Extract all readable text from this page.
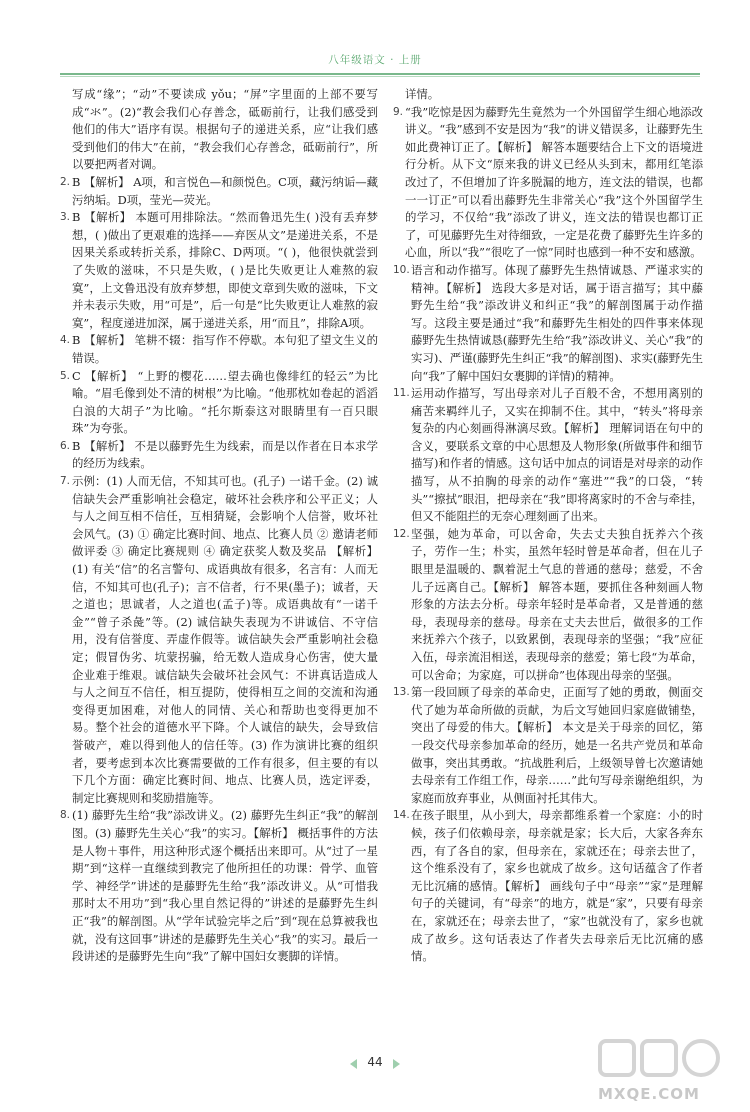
八年级语文 · 上册
写成“缘”；“动”不要读成 yǒu；“屏”字里面的上部不要写成“氺”。(2)“教会我们心存善念，砥砺前行，让我们感受到他们的伟大”语序有误。根据句子的递进关系，应“让我们感受到他们的伟大”在前，“教会我们心存善念，砥砺前行”，所以要把两者对调。
2. B 【解析】 A项，和言悦色—和颜悦色。C项，藏污纳诟—藏污纳垢。D项，莹光—荧光。
3. B 【解析】 本题可用排除法。“然而鲁迅先生( )没有丢弃梦想，( )做出了更艰难的选择——弃医从文”是递进关系，不是因果关系或转折关系，排除C、D两项。“( )，他很快就尝到了失败的滋味，不只是失败，( )是比失败更让人难熬的寂寞”，上文鲁迅没有放弃梦想，即使文章到失败的滋味，下文并未表示失败，用“可是”，后一句是“比失败更让人难熬的寂寞”，程度递进加深，属于递进关系，用“而且”，排除A项。
4. B 【解析】 笔耕不辍：指写作不停歇。本句犯了望文生义的错误。
5. C 【解析】 “上野的樱花……望去确也像绯红的轻云”为比喻。“眉毛像到处不清的树根”为比喻。“他那枕如卷起的滔滔白浪的大胡子”为比喻。“托尔斯泰这对眼睛里有一百只眼珠”为夸张。
6. B 【解析】 不是以藤野先生为线索，而是以作者在日本求学的经历为线索。
7. 示例：(1) 人而无信，不知其可也。(孔子) 一诺千金。(2) 诚信缺失会严重影响社会稳定，破坏社会秩序和公平正义；人与人之间互相不信任，互相猜疑，会影响个人信誉，败坏社会风气。(3) ① 确定比赛时间、地点、比赛人员 ② 邀请老师做评委 ③ 确定比赛规则 ④ 确定获奖人数及奖品 【解析】 (1) 有关“信”的名言警句、成语典故有很多，名言有：人而无信，不知其可也(孔子)；言不信者，行不果(墨子)；诚者，天之道也；思诚者，人之道也(孟子)等。成语典故有“一诺千金”“曾子杀彘”等。(2) 诚信缺失表现为不讲诚信、不守信用，没有信誉度、弄虚作假等。诚信缺失会严重影响社会稳定；假冒伪劣、坑蒙拐骗，给无数人造成身心伤害，使大量企业难于维艰。诚信缺失会破坏社会风气：不讲真话造成人与人之间互不信任，相互提防，使得相互之间的交流和沟通变得更加困难，对他人的同情、关心和帮助也变得更加不易。整个社会的道德水平下降。个人诚信的缺失，会导致信誉破产，难以得到他人的信任等。(3) 作为演讲比赛的组织者，要考虑到本次比赛需要做的工作有很多，但主要的有以下几个方面：确定比赛时间、地点、比赛人员，选定评委，制定比赛规则和奖励措施等。
8. (1) 藤野先生给“我”添改讲义。(2) 藤野先生纠正“我”的解剖图。(3) 藤野先生关心“我”的实习。【解析】 概括事件的方法是人物＋事件，用这种形式逐个概括出来即可。从“过了一星期”到“这样一直继续到教完了他所担任的功课：骨学、血管学、神经学”讲述的是藤野先生给“我”添改讲义。从“可惜我那时太不用功”到“我心里自然记得的”讲述的是藤野先生纠正“我”的解剖图。从“学年试验完毕之后”到“现在总算被我也就，没有这回事”讲述的是藤野先生关心“我”的实习。最后一段讲述的是藤野先生向“我”了解中国妇女裹脚的详情。
详情。
9. “我”吃惊是因为藤野先生竟然为一个外国留学生细心地添改讲义。“我”感到不安是因为“我”的讲义错误多，让藤野先生如此费神订正了。【解析】 解答本题要结合上下文的语境进行分析。从下文“原来我的讲义已经从头到末，都用红笔添改过了，不但增加了许多脱漏的地方，连文法的错误，也都一一订正”可以看出藤野先生非常关心“我”这个外国留学生的学习，不仅给“我”添改了讲义，连文法的错误也都订正了，可见藤野先生对待细致，一定是花费了藤野先生许多的心血，所以“我”“很吃了一惊”同时也感到一种不安和感激。
10. 语言和动作描写。体现了藤野先生热情诚恳、严谨求实的精神。【解析】 选段大多是对话，属于语言描写；其中藤野先生给“我”添改讲义和纠正“我”的解剖图属于动作描写。这段主要是通过“我”和藤野先生相处的四件事来体现藤野先生热情诚恳(藤野先生给“我”添改讲义、关心“我”的实习)、严谨(藤野先生纠正“我”的解剖图)、求实(藤野先生向“我”了解中国妇女裹脚的详情)的精神。
11. 运用动作描写，写出母亲对儿子百般不舍，不想用离别的痛苦来羁绊儿子，又实在抑制不住。其中，“转头”将母亲复杂的内心刻画得淋漓尽致。【解析】 理解词语在句中的含义，要联系文章的中心思想及人物形象(所做事件和细节描写)和作者的情感。这句话中加点的词语是对母亲的动作描写，从不拍胸的母亲的动作“塞进”“我”的口袋，“转头”“擦拭”眼泪，把母亲在“我”即将离家时的不舍与牵挂，但又不能阻拦的无奈心理刻画了出来。
12. 坚强，她为革命，可以舍命，失去丈夫独自抚养六个孩子，劳作一生；朴实，虽然年轻时曾是革命者，但在儿子眼里是温暖的、飘着泥土气息的普通的慈母；慈爱，不舍儿子远离自己。【解析】 解答本题，要抓住各种刻画人物形象的方法去分析。母亲年轻时是革命者，又是普通的慈母，表现母亲的慈母。母亲在丈夫去世后，做很多的工作来抚养六个孩子，以致累倒，表现母亲的坚强；“我”应征入伍，母亲流泪相送，表现母亲的慈爱；第七段“为革命，可以舍命；为家庭，可以拼命”也体现出母亲的坚强。
13. 第一段回顾了母亲的革命史，正面写了她的勇敢，侧面交代了她为革命所做的贡献，为后文写她回归家庭做铺垫，突出了母爱的伟大。【解析】 本文是关于母亲的回忆，第一段交代母亲参加革命的经历，她是一名共产党员和革命做事，突出其勇敢。“抗战胜利后，上级领导曾七次邀请她去母亲有工作组工作，母亲……”此句写母亲谢绝组织，为家庭而放弃事业，从侧面衬托其伟大。
14. 在孩子眼里，从小到大，母亲都维系着一个家庭：小的时候，孩子们依赖母亲，母亲就是家；长大后，大家各奔东西，有了各自的家，但母亲在，家就还在；母亲去世了，这个维系没有了，家乡也就成了故乡。这句话蕴含了作者无比沉痛的感情。【解析】 画线句子中“母亲”“家”是理解句子的关键词，有“母亲”的地方，就是“家”，只要有母亲在，家就还在；母亲去世了，“家”也就没有了，家乡也就成了故乡。这句话表达了作者失去母亲后无比沉痛的感情。
44
MXQE.COM
